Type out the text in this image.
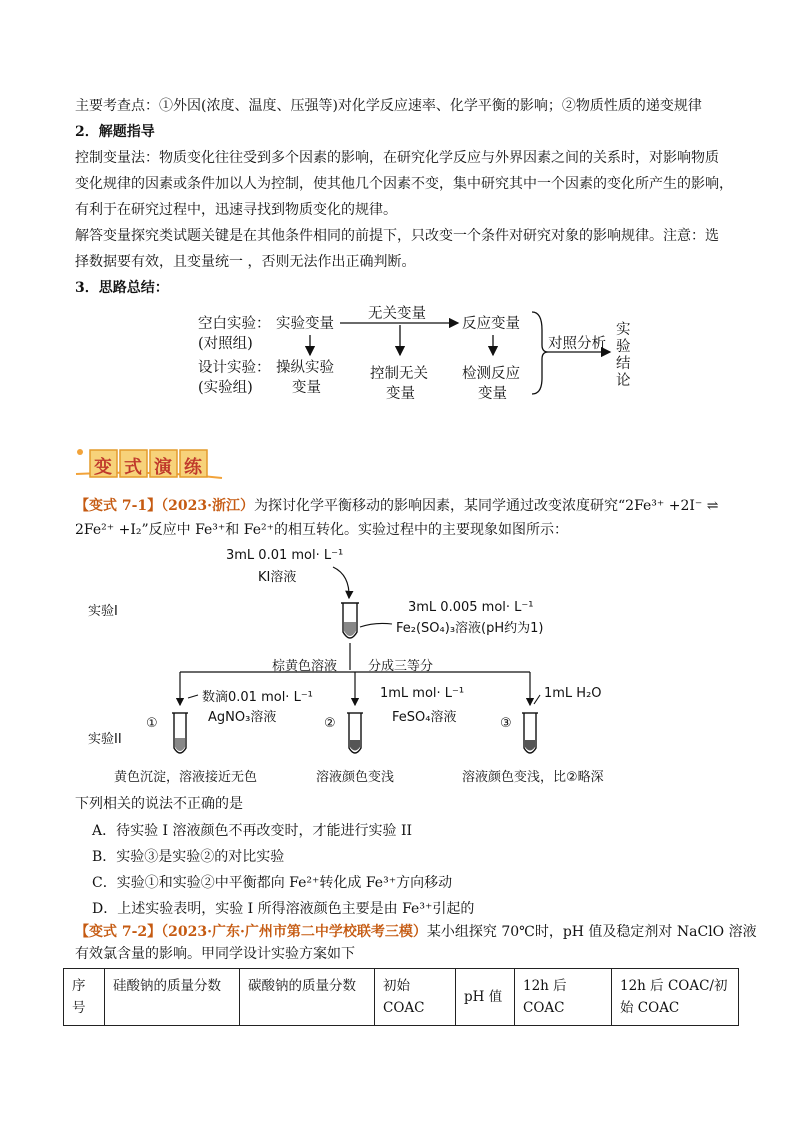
主要考查点：①外因(浓度、温度、压强等)对化学反应速率、化学平衡的影响；②物质性质的递变规律
2．解题指导
控制变量法：物质变化往往受到多个因素的影响，在研究化学反应与外界因素之间的关系时，对影响物质
变化规律的因素或条件加以人为控制，使其他几个因素不变，集中研究其中一个因素的变化所产生的影响，
有利于在研究过程中，迅速寻找到物质变化的规律。
解答变量探究类试题关键是在其他条件相同的前提下，只改变一个条件对研究对象的影响规律。注意：选
择数据要有效，且变量统一 ，否则无法作出正确判断。
3．思路总结：
空白实验： 实验变量
无关变量
反应变量
(对照组)
设计实验：
(实验组)
操纵实验
变量
控制无关
变量
检测反应
变量
对照分析
实
验
结
论
变 式 演 练
【变式 7-1】（2023·浙江）为探讨化学平衡移动的影响因素，某同学通过改变浓度研究“2Fe³⁺ +2I⁻ ⇌
2Fe²⁺ +I₂”反应中 Fe³⁺和 Fe²⁺的相互转化。实验过程中的主要现象如图所示：
3mL 0.01 mol· L⁻¹
KI溶液
实验I	3mL 0.005 mol· L⁻¹
Fe₂(SO₄)₃溶液(pH约为1)
棕黄色溶液 分成三等分
数滴0.01 mol· L⁻¹
AgNO₃溶液
1mL mol· L⁻¹
FeSO₄溶液
1mL H₂O
实验II
①	②	③
黄色沉淀，溶液接近无色	溶液颜色变浅	溶液颜色变浅，比②略深
下列相关的说法不正确的是
A．待实验 I 溶液颜色不再改变时，才能进行实验 II
B．实验③是实验②的对比实验
C．实验①和实验②中平衡都向 Fe²⁺转化成 Fe³⁺方向移动
D．上述实验表明，实验 I 所得溶液颜色主要是由 Fe³⁺引起的
【变式 7-2】（2023·广东·广州市第二中学校联考三模）某小组探究 70℃时，pH 值及稳定剂对 NaClO 溶液
有效氯含量的影响。甲同学设计实验方案如下
序号	硅酸钠的质量分数	碳酸钠的质量分数	初始 COAC	pH 值	12h 后 COAC	12h 后 COAC/初始 COAC
